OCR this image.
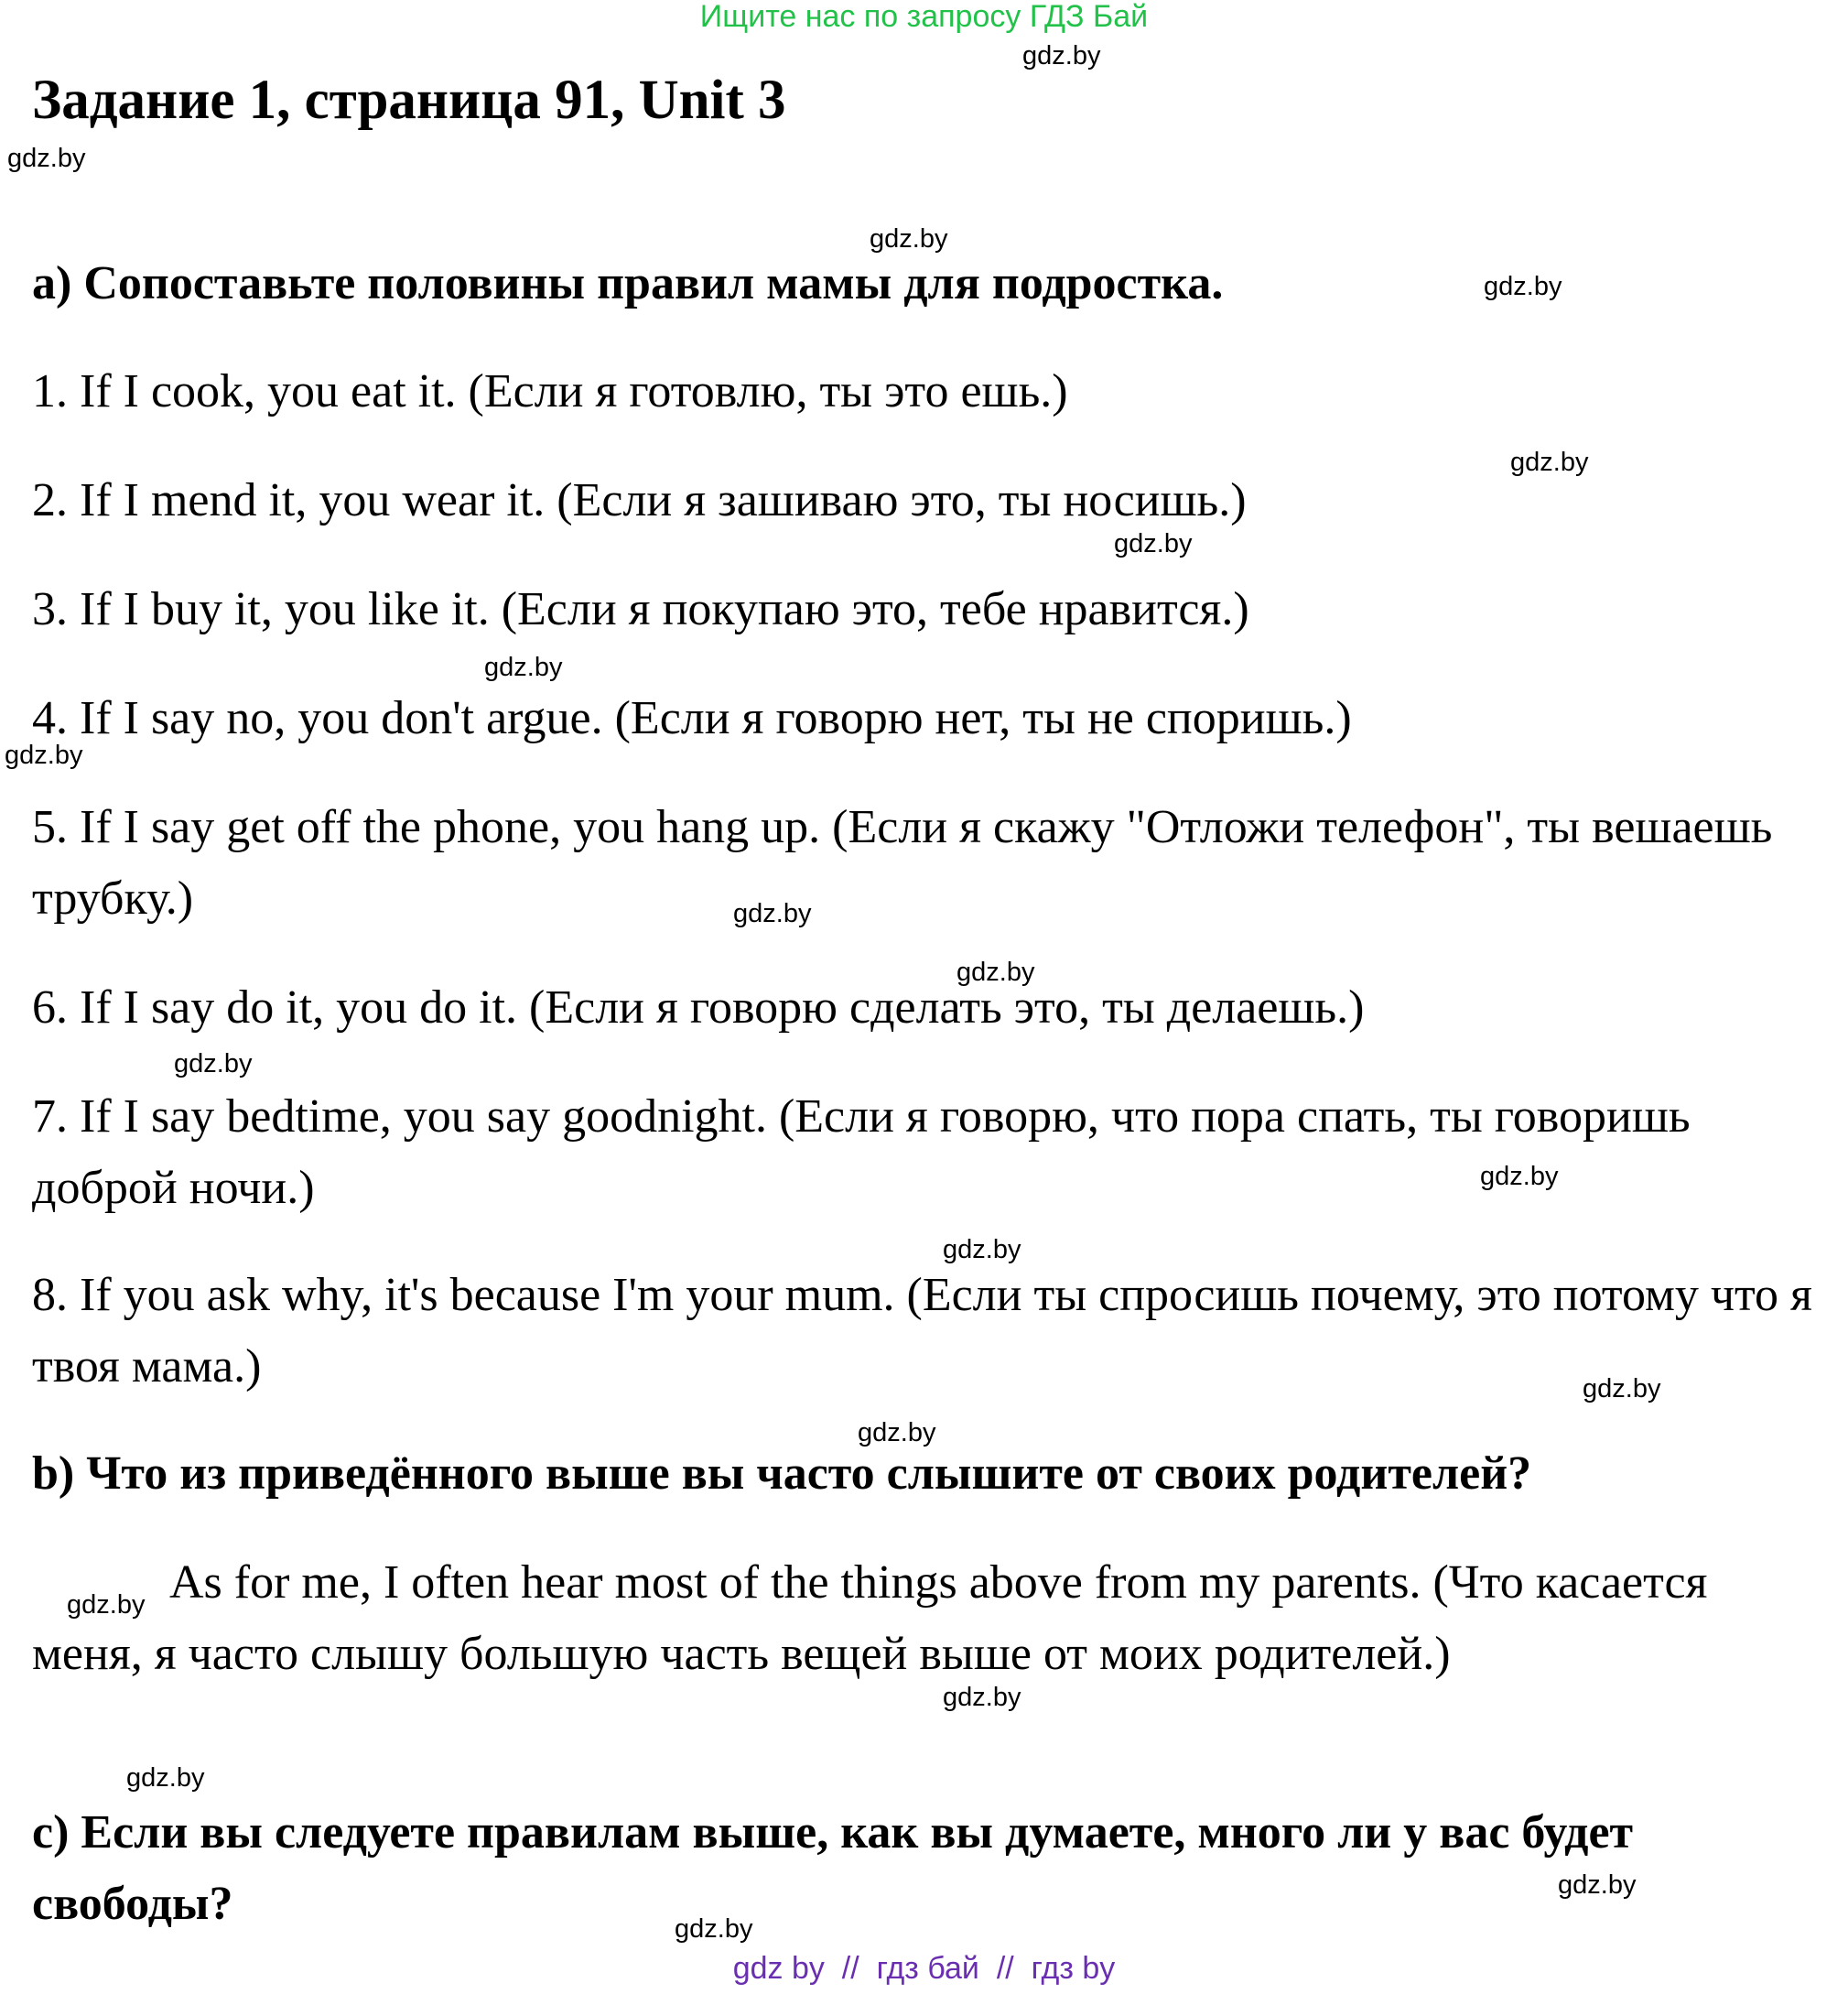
Ищите нас по запросу ГДЗ Бай
Задание 1, страница 91, Unit 3
a) Сопоставьте половины правил мамы для подростка.
1. If I cook, you eat it. (Если я готовлю, ты это ешь.)
2. If I mend it, you wear it. (Если я зашиваю это, ты носишь.)
3. If I buy it, you like it. (Если я покупаю это, тебе нравится.)
4. If I say no, you don't argue. (Если я говорю нет, ты не споришь.)
5. If I say get off the phone, you hang up. (Если я скажу "Отложи телефон", ты вешаешь трубку.)
6. If I say do it, you do it. (Если я говорю сделать это, ты делаешь.)
7. If I say bedtime, you say goodnight. (Если я говорю, что пора спать, ты говоришь доброй ночи.)
8. If you ask why, it's because I'm your mum. (Если ты спросишь почему, это потому что я твоя мама.)
b) Что из приведённого выше вы часто слышите от своих родителей?
As for me, I often hear most of the things above from my parents. (Что касается меня, я часто слышу большую часть вещей выше от моих родителей.)
c) Если вы следуете правилам выше, как вы думаете, много ли у вас будет свободы?
gdz.by
gdz.by
gdz.by
gdz.by
gdz.by
gdz.by
gdz.by
gdz.by
gdz.by
gdz.by
gdz.by
gdz.by
gdz.by
gdz.by
gdz.by
gdz.by
gdz.by
gdz.by
gdz.by
gdz.by
gdz by  //  гдз бай  //  гдз by
